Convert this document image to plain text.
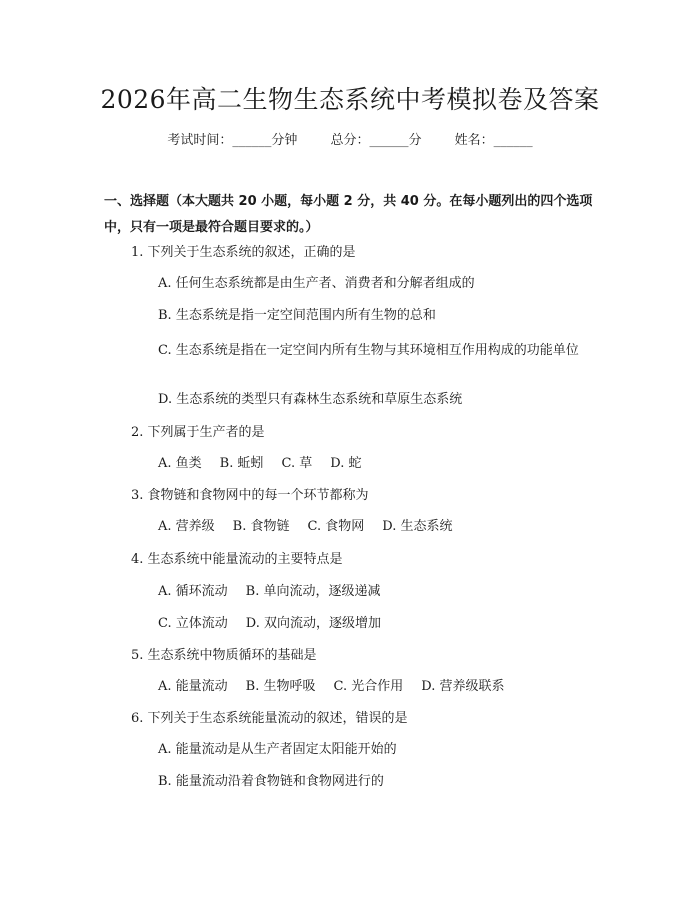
2026年高二生物生态系统中考模拟卷及答案
考试时间：______分钟	总分：______分	姓名：______
一、选择题（本大题共 20 小题，每小题 2 分，共 40 分。在每小题列出的四个选项中，只有一项是最符合题目要求的。）
1. 下列关于生态系统的叙述，正确的是
A. 任何生态系统都是由生产者、消费者和分解者组成的
B. 生态系统是指一定空间范围内所有生物的总和
C. 生态系统是指在一定空间内所有生物与其环境相互作用构成的功能单位
D. 生态系统的类型只有森林生态系统和草原生态系统
2. 下列属于生产者的是
A. 鱼类 B. 蚯蚓 C. 草 D. 蛇
3. 食物链和食物网中的每一个环节都称为
A. 营养级 B. 食物链 C. 食物网 D. 生态系统
4. 生态系统中能量流动的主要特点是
A. 循环流动 B. 单向流动，逐级递减
C. 立体流动 D. 双向流动，逐级增加
5. 生态系统中物质循环的基础是
A. 能量流动 B. 生物呼吸 C. 光合作用 D. 营养级联系
6. 下列关于生态系统能量流动的叙述，错误的是
A. 能量流动是从生产者固定太阳能开始的
B. 能量流动沿着食物链和食物网进行的
